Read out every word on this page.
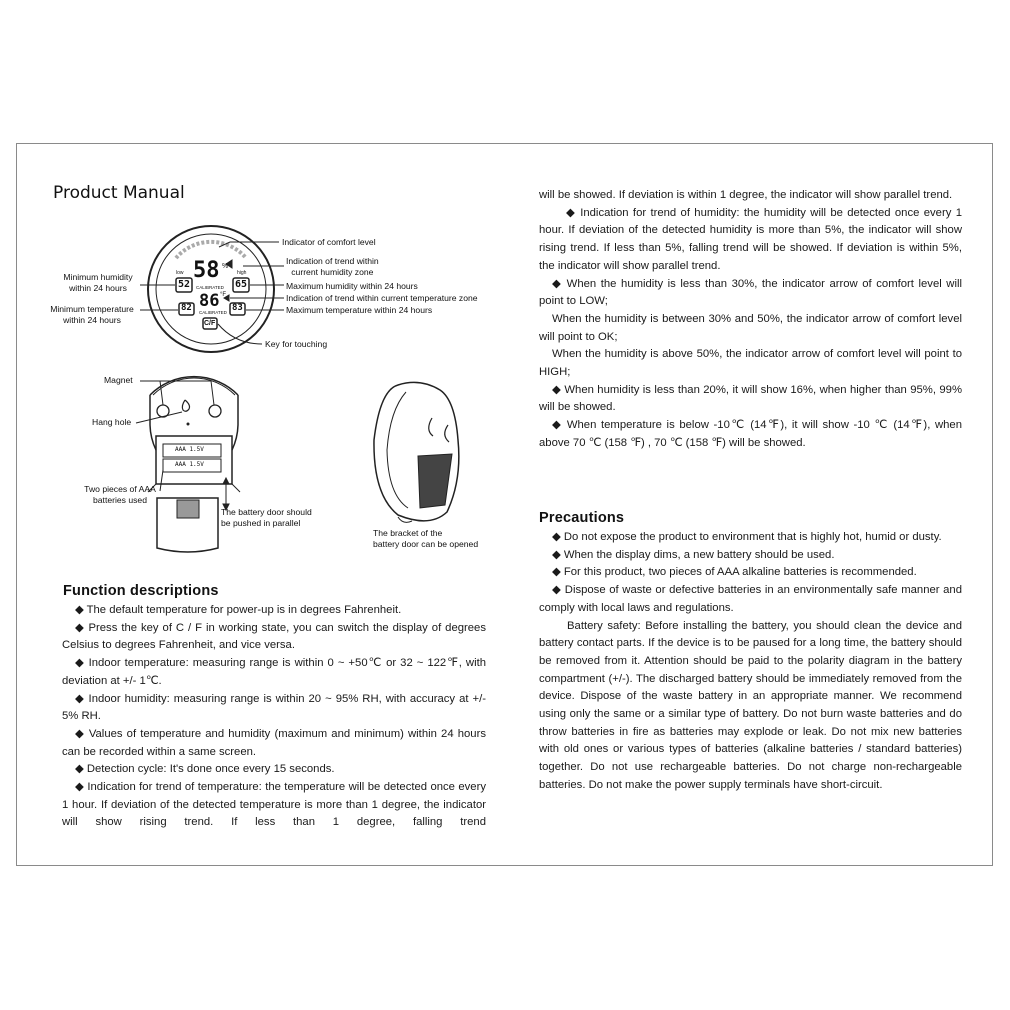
Product Manual
58 %
low	high
CALIBRATED
52	65
86 °F
CALIBRATED
82	83
C/F
AAA 1.5V
AAA 1.5V
Indicator of comfort level
Indication of trend within
current humidity zone
Maximum humidity within 24 hours
Indication of trend within current temperature zone
Maximum temperature within 24 hours
Key for touching
Minimum humidity
within 24 hours
Minimum temperature
within 24 hours
Magnet
Hang hole
Two pieces of AAA
batteries used
The battery door should
be pushed in parallel
The bracket of the
battery door can be opened
Function descriptions

◆ The default temperature for power-up is in degrees Fahrenheit.

◆ Press the key of C / F in working state, you can switch the display of degrees Celsius to degrees Fahrenheit, and vice versa.

◆ Indoor temperature: measuring range is within 0 ~ +50℃ or 32 ~ 122℉, with deviation at +/- 1℃.

◆ Indoor humidity: measuring range is within 20 ~ 95% RH, with accuracy at +/- 5% RH.

◆ Values of temperature and humidity (maximum and minimum) within 24 hours can be recorded within a same screen.

◆ Detection cycle: It's done once every 15 seconds.

◆ Indication for trend of temperature: the temperature will be detected once every 1 hour. If deviation of the detected temperature is more than 1 degree, the indicator will show rising trend. If less than 1 degree, falling trend

will be showed. If deviation is within 1 degree, the indicator will show parallel trend.

◆ Indication for trend of humidity: the humidity will be detected once every 1 hour. If deviation of the detected humidity is more than 5%, the indicator will show rising trend. If less than 5%, falling trend will be showed. If deviation is within 5%, the indicator will show parallel trend.

◆ When the humidity is less than 30%, the indicator arrow of comfort level will point to LOW;

When the humidity is between 30% and 50%, the indicator arrow of comfort level will point to OK;

When the humidity is above 50%, the indicator arrow of comfort level will point to HIGH;

◆ When humidity is less than 20%, it will show 16%, when higher than 95%, 99% will be showed.

◆ When temperature is below -10℃ (14℉), it will show -10 ℃ (14℉), when above 70 ℃ (158 ℉) , 70 ℃ (158 ℉) will be showed.

Precautions

◆ Do not expose the product to environment that is highly hot, humid or dusty.

◆ When the display dims, a new battery should be used.

◆ For this product, two pieces of AAA alkaline batteries is recommended.

◆ Dispose of waste or defective batteries in an environmentally safe manner and comply with local laws and regulations.

Battery safety: Before installing the battery, you should clean the device and battery contact parts. If the device is to be paused for a long time, the battery should be removed from it. Attention should be paid to the polarity diagram in the battery compartment (+/-). The discharged battery should be immediately removed from the device. Dispose of the waste battery in an appropriate manner. We recommend using only the same or a similar type of battery. Do not burn waste batteries and do throw batteries in fire as batteries may explode or leak. Do not mix new batteries with old ones or various types of batteries (alkaline batteries / standard batteries) together. Do not use rechargeable batteries. Do not charge non-rechargeable batteries. Do not make the power supply terminals have short-circuit.
